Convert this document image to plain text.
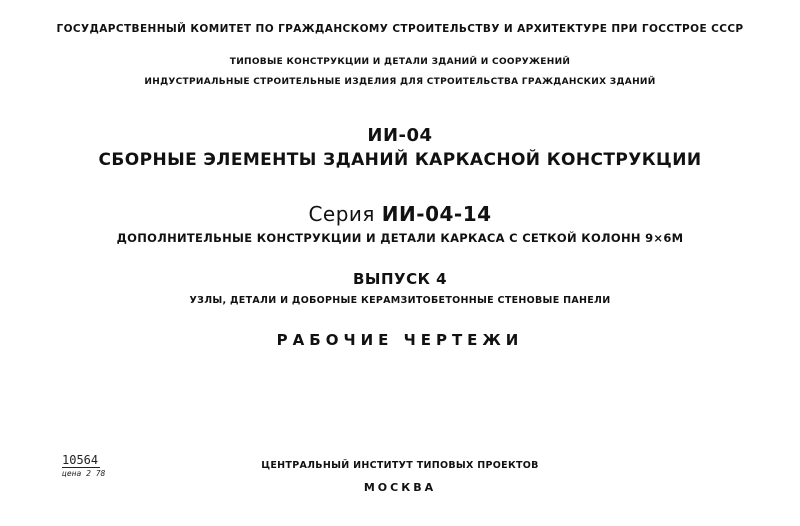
ГОСУДАРСТВЕННЫЙ КОМИТЕТ ПО ГРАЖДАНСКОМУ СТРОИТЕЛЬСТВУ И АРХИТЕКТУРЕ ПРИ ГОССТРОЕ СССР
ТИПОВЫЕ КОНСТРУКЦИИ И ДЕТАЛИ ЗДАНИЙ И СООРУЖЕНИЙ
ИНДУСТРИАЛЬНЫЕ СТРОИТЕЛЬНЫЕ ИЗДЕЛИЯ ДЛЯ СТРОИТЕЛЬСТВА ГРАЖДАНСКИХ ЗДАНИЙ
ИИ-04
СБОРНЫЕ ЭЛЕМЕНТЫ ЗДАНИЙ КАРКАСНОЙ КОНСТРУКЦИИ
Серия ИИ-04-14
ДОПОЛНИТЕЛЬНЫЕ КОНСТРУКЦИИ И ДЕТАЛИ КАРКАСА С СЕТКОЙ КОЛОНН 9×6М
ВЫПУСК 4
УЗЛЫ, ДЕТАЛИ И ДОБОРНЫЕ КЕРАМЗИТОБЕТОННЫЕ СТЕНОВЫЕ ПАНЕЛИ
РАБОЧИЕ ЧЕРТЕЖИ
10564
цена 2 78
ЦЕНТРАЛЬНЫЙ ИНСТИТУТ ТИПОВЫХ ПРОЕКТОВ
МОСКВА
